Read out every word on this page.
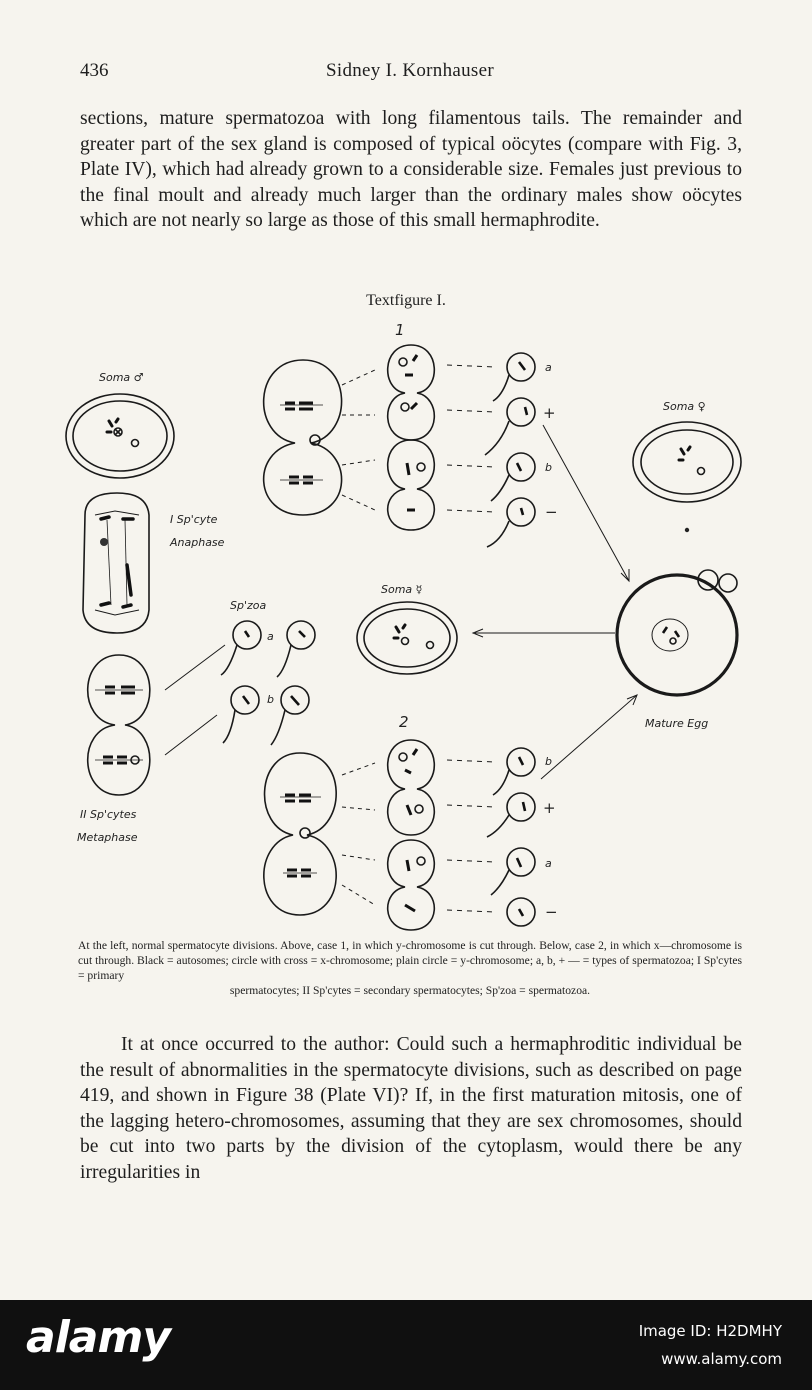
436	Sidney I. Kornhauser

sections, mature spermatozoa with long filamentous tails. The remainder and greater part of the sex gland is composed of typical oöcytes (compare with Fig. 3, Plate IV), which had already grown to a considerable size. Females just previous to the final moult and already much larger than the ordinary males show oöcytes which are not nearly so large as those of this small hermaphrodite.

Textfigure I.
Soma ♂
I Sp'cyte
Anaphase
II Sp'cytes
Metaphase
Sp'zoa
a
b
1
a
+
b
−
Soma ♀
Soma ☿
Mature Egg
2
b
+
a
−
At the left, normal spermatocyte divisions. Above, case 1, in which y-chromosome is cut through. Below, case 2, in which x—chromosome is cut through. Black = autosomes; circle with cross = x-chromosome; plain circle = y-chromosome; a, b, + — = types of spermatozoa; I Sp'cytes = primary
spermatocytes; II Sp'cytes = secondary spermatocytes; Sp'zoa = spermatozoa.

It at once occurred to the author: Could such a hermaphroditic individual be the result of abnormalities in the spermatocyte divisions, such as described on page 419, and shown in Figure 38 (Plate VI)? If, in the first maturation mitosis, one of the lagging hetero-chromosomes, assuming that they are sex chromosomes, should be cut into two parts by the division of the cytoplasm, would there be any irregularities in

alamy	Image ID: H2DMHY
www.alamy.com
